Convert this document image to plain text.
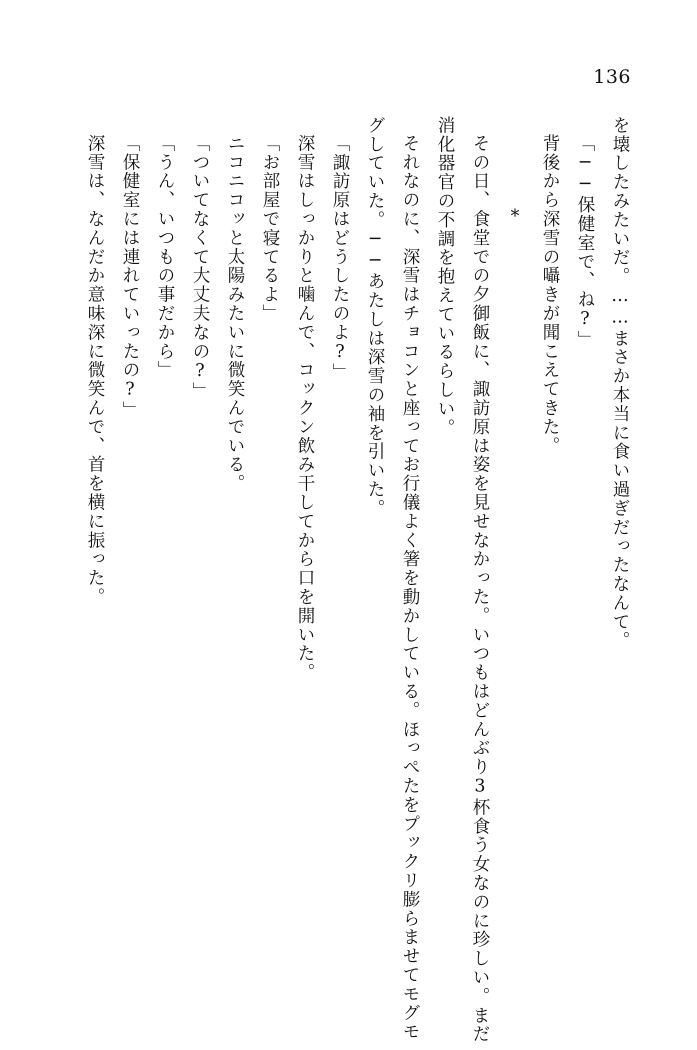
136

を壊したみたいだ。……まさか本当に食い過ぎだったなんて。

「──保健室で、ね?」

背後から深雪の囁きが聞こえてきた。

*

その日、食堂での夕御飯に、諏訪原は姿を見せなかった。いつもはどんぶり3杯食う女なのに珍しい。まだ消化器官の不調を抱えているらしい。

それなのに、深雪はチョコンと座ってお行儀よく箸を動かしている。ほっぺたをプックリ膨らませてモグモグしていた。──あたしは深雪の袖を引いた。

「諏訪原はどうしたのよ?」

深雪はしっかりと噛んで、コックン飲み干してから口を開いた。

「お部屋で寝てるよ」

ニコニコッと太陽みたいに微笑んでいる。

「ついてなくて大丈夫なの?」

「うん、いつもの事だから」

「保健室には連れていったの?」

深雪は、なんだか意味深に微笑んで、首を横に振った。
